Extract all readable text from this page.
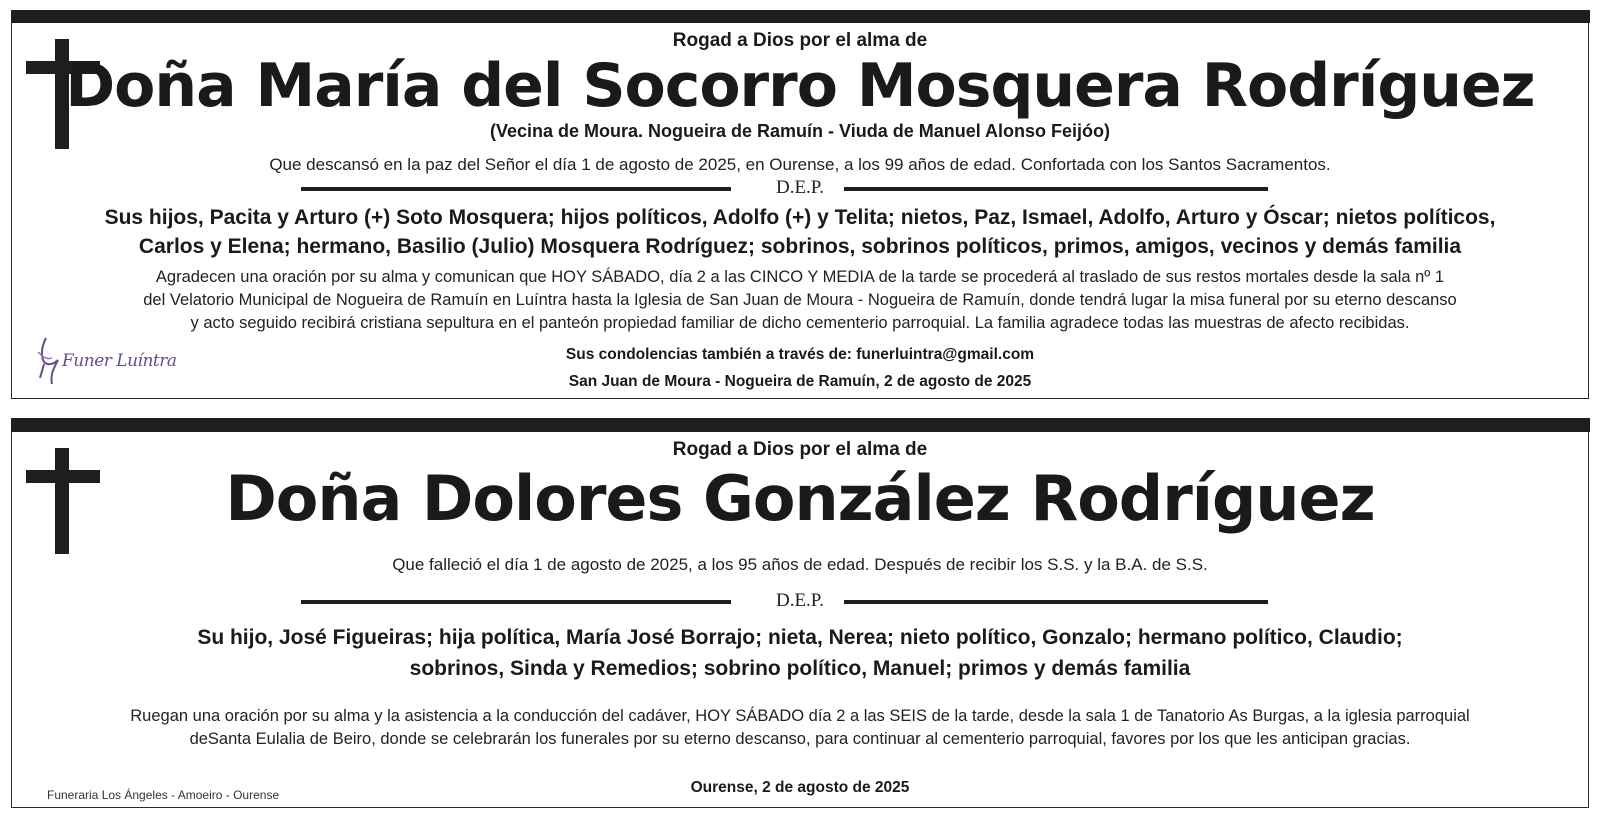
Rogad a Dios por el alma de
Doña María del Socorro Mosquera Rodríguez
(Vecina de Moura. Nogueira de Ramuín - Viuda de Manuel Alonso Feijóo)
Que descansó en la paz del Señor el día 1 de agosto de 2025, en Ourense, a los 99 años de edad. Confortada con los Santos Sacramentos.
D.E.P.
Sus hijos, Pacita y Arturo (+) Soto Mosquera; hijos políticos, Adolfo (+) y Telita; nietos, Paz, Ismael, Adolfo, Arturo y Óscar; nietos políticos,
Carlos y Elena; hermano, Basilio (Julio) Mosquera Rodríguez; sobrinos, sobrinos políticos, primos, amigos, vecinos y demás familia
Agradecen una oración por su alma y comunican que HOY SÁBADO, día 2 a las CINCO Y MEDIA de la tarde se procederá al traslado de sus restos mortales desde la sala nº 1
del Velatorio Municipal de Nogueira de Ramuín en Luíntra hasta la Iglesia de San Juan de Moura - Nogueira de Ramuín, donde tendrá lugar la misa funeral por su eterno descanso
y acto seguido recibirá cristiana sepultura en el panteón propiedad familiar de dicho cementerio parroquial. La familia agradece todas las muestras de afecto recibidas.
Sus condolencias también a través de: funerluintra@gmail.com
San Juan de Moura - Nogueira de Ramuín, 2 de agosto de 2025
Funer Luíntra
Rogad a Dios por el alma de
Doña Dolores González Rodríguez
Que falleció el día 1 de agosto de 2025, a los 95 años de edad. Después de recibir los S.S. y la B.A. de S.S.
D.E.P.
Su hijo, José Figueiras; hija política, María José Borrajo; nieta, Nerea; nieto político, Gonzalo; hermano político, Claudio;
sobrinos, Sinda y Remedios; sobrino político, Manuel; primos y demás familia
Ruegan una oración por su alma y la asistencia a la conducción del cadáver, HOY SÁBADO día 2 a las SEIS de la tarde, desde la sala 1 de Tanatorio As Burgas, a la iglesia parroquial
deSanta Eulalia de Beiro, donde se celebrarán los funerales por su eterno descanso, para continuar al cementerio parroquial, favores por los que les anticipan gracias.
Ourense, 2 de agosto de 2025
Funeraria Los Ángeles - Amoeiro - Ourense
